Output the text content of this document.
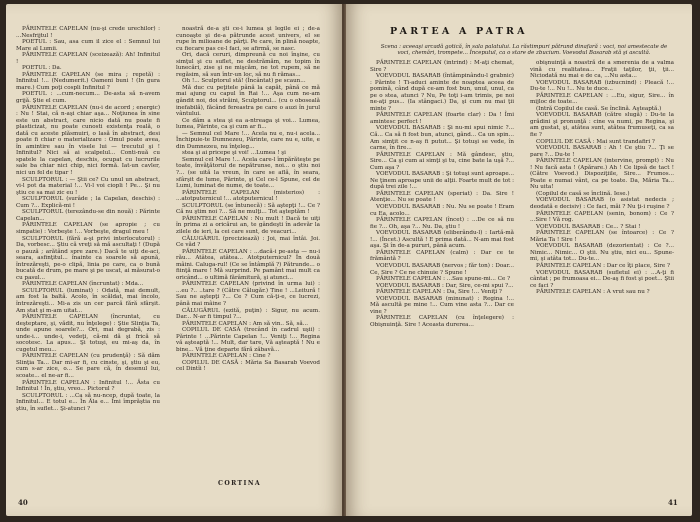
PĂRINTELE CAPELAN (nu-şi crede urechilor) : ...Nesfrijtul !

POETUL : Sau, asa cum il zice el : Semnul lui Mare al Lumii.

PĂRINTELE CAPELAN (sceizează): Ah! Infinitul !

POETUL : Da.

PĂRINTELE CAPELAN (se mira ; repetă) : Infinitul !... (Nedumerit.) Oameni buni ! (In gura mare.) Cum poţi cospli Infinitul ?

POETUL : ...cum-necum... De-asta să n-avem grijă. Ştie el cum.

PĂRINTELE CAPELAN (nu-i de acord ; energic) : Nu ! Stai, că n-aşi chiar aşa... Noţiunea în sine este un abstract, care nicio dată nu poate fi plasticizat, nu poate cunosti existenţa reală, o dată cu aceste plăsmuiri, o lasă în abstract, desi poate fi chiar o materializare : Omul poate avea, în amintire sau în visele lui — trecutul şi ! Infinitul? Nici să ai scalpelul... Conti-nuă cu spatele la capelan, deschis, ocupat cu lucrurile sale ba chiar nici chip, nici formă. Iat-un cavler, nici un fel de tipar !

SCULPTORUL : — Ştii ce? Cu unul un abstract, vi-l pot da material !... Vi-l voi ciopli ! Pe... Şi nu ştiu ce sa mai zic eu !

SCULPTORUL (surâde ; la Capelan, deschis) : Cum ?... Explică-mi !

SCULPTORUL (terezându-se din nouă) : Părinte Capelan...

PĂRINTELE CAPELAN (se apropie ; cu simpatie) : Vorbeşte !... Vorbeşte, dragul meu !

SCULPTORUL (fără a-şi privi interlocutorul) : Da, vorbesc... Ştiu că vreţi să mă ascultaţi ! (După o pauză ; arătând spre zare.) Dacă te uiţi de-aci, seara, asfinţitul... înainte ca soarele să apună, întrezăreşti, pe-o clipă, linia pe care, ca o bună bucată de drum, pe mare şi pe uscat, ai măsurat-o cu pasul...

PĂRINTELE CAPELAN (încruntat) : Mda...

SCULPTORUL (luminat) : Odată, mai demult, am fost la baltă. Acolo, în scăldat, mai încolo, întrezăreşti... Mi-a zis un cer parcă fără sfârşit. Am stat şi m-am uitat...

PĂRINTELE CAPELAN (încruntat, cu deşteptare, şi, vădit, nu înţelege) : Ştie Slinţia Ta, unde apune soarele?... Ori, mai degrabă, zis : unde-i... unde-i, vedeţi, că-mi dă şi frică să socotesc. La apus... Şi totuşi, eu mi-aş da, în cugetul meu...

PĂRINTELE CAPELAN (cu prudenţă) : Să dăm Slinţia Ta... Dar mi-ar fi, cu cinste, şi, ştiu şi eu, cum s-ar zice, o... Se pare că, în desenul lui, scoate... el ne-ar fi...

PĂRINTELE CAPELAN : Infinitul !... Ăsta cu Infinitul ! În, ştiu, vreo... Pictorul ?

SCULPTORUL : ...Ca să nu-ncep, după toate, la Infinitul... E totul e... În Ăla e... Îmi împrăştia nu ştiu, în suflet... Şi-atunci ?

noastră de-a şti ce-i lumea şi legile ei ; de-a cunoaşte şi de-a pătrunde acest univers, el se rupe în milioane de părţi. Pe care, în plină noapte, cu fiecare pas ce-l faci, se afirmă, se nasc.

Ori, dacă ceruri, dimpreună cu noi înşine, cu simţul şi cu suflet, ne destrămăm, ne topim în lunecări, zise şi ne mişcăm, ne tot rupem, să ne regăsim, să sun într-un loc, să nu fi rămas...

Oh !... Sculptorul stă! (Încântat) pe scaun...

Mă duc cu peţitele până la capăt, până ce mă mai ajung cu capul în Rai !... Aşa cum ne-am gândit noi, doi străini, Sculptorul... (cu o oboseală inefabilă), făcând fereastra pe care o auzi în jurul vântului.

Ce dăm a stea şi ea a-ntreaga şi voi... Lumea, lumea, Părinte, ca şi cum ar fi...

— Semnul cel Mare !... Acela nu e, nu-i acela... Închipuie-te Dumnezeu, Părinte, care nu e, uite, e din Dumnezeu, nu înţeleg...

stea şi ai pricepe şi voi! ...Lumea ! şi

Semnul cel Mare !... Acela care-l împărăteşte pe toate, învăţătorul de nepătrunse, noi... o ştiu noi ?... (se uită la vreun, în care se află, în seara, sfârşit de lume, Părinte, şi Cel ce-l Spune, cel de Lumi, luminat de nume, de toate...

PĂRINTELE CAPELAN (misterios) : ...atotputernicul !... atotputernicul !

SCULPTORUL (se întunecă) : Să aştepţi !... Ce ? Că nu ştim noi ?... Să ne mulţi... Tot aşteptăm !

PĂRINTELE CAPELAN : Nu mult ! Dacă te uiţi în prima zi a oricărui an, te gândeşti în adevăr la zilele de ieri, la cei care sunt, de veacuri...

CĂLUGĂRUL (preciziează) : Joi, mai întâi. Joi. Ce văd ?

PĂRINTELE CAPELAN : ...dacă-i pe-asta — nu-i rău... Atâtea, atâtea... Atotputernicul? În două mâini. Caluga-rul! (Ce se întâmplă ?) Pătrunde... o fiinţă mare ! Mă surprind. Pe pamânt mai mult ca oricând... o ultimă fărâmitură, şi atunci...

PĂRINTELE CAPELAN (privind în urma lui) : ...eu ?.. ..tare ? (Către Călugăr.) Tine ! ...Leitură ! Sau ne aştepţi ?... Ce ? Cum că-ţi-e, ce lucrezi, până mai mâine ?

CĂLUGĂRUL (ezită, puţin) : Sigur, nu acum. Dar... N-ar fi timpul ?...

PĂRINTELE CAPELAN : Am să vin.. Să, să...

COPILUL DE CASĂ (trecând în cadrul uşii) : Părinte ! ...Părinte Capelan !... Veniţi !... Regina vă aşteaptă !... Mult, dar tare, Vă aşteaptă ! Nu e bine... Vă ţine departe fără zăbavă...

PĂRINTELE CAPELAN : Cine ?

COPILUL DE CASĂ : Măria Sa Basarab Voevod cel Dintîi !

CORTINA
40
PARTEA A PATRA
Scena : aceeaşi arcadă gotică, în sala palatului. La răstimpuri pătrund dinafară : voci, noi amestecate de voci, chemări, trompete... Începutul, ca o stare de zbucium. Voevodul Basarab stă şi ascultă.

PĂRINTELE CAPELAN (intrind) : M-aţi chemat, Sire ?

VOEVODUL BASARAB (întâmpinându-l grabnic) : Părinte ! Ti-aduci aminte de noaptea aceea de pomină, când după ce-am fost bun, unul, unul, ca pe o stea, atunci ? Nu, Pe toţi i-am trimis, pe noi ne-aţi pus... (Ia stângaci.) Da, şi cum nu mai ţii minte ?

PĂRINTELE CAPELAN (foarte clar) : Da ! Îmi amintesc perfect !

VOEVODUL BASARAB : Şi nu-mi spui nimic ?... Că... Ca să fi fost bun, atunci, gând... Ca un spin... Am simţit ce n-aş fi putut... Şi totuşi se vede, în carne, în fire...

PĂRINTELE CAPELAN : Mă gândesc, ştiu, Sire... Ca şi cum ai simţi şi tu, cine bate la uşă ?... Cum aşa ?

VOEVODUL BASARAB : Şi totuşi sunt aproape... Ne ţinem aproape unii de alţii. Foarte mult de tot : după trei zile !...

PĂRINTELE CAPELAN (speriat) : Da. Sire ! Atenţie... Nu se poate !

VOEVODUL BASARAB : Nu. Nu se poate ! Eram cu Ea, acolo...

PĂRINTELE CAPELAN (încet) : ...De ce să nu fie ?... Oh, aşa ?... Nu. Da, ştiu !

VOEVODUL BASARAB (eliberându-l) : Iartă-mă !... (Încet.) Ascultă ! E prima dată... N-am mai fost aşa. Şi în de-a pururi, până acum.

PĂRINTELE CAPELAN (calm) : Dar ce te frământă ?

VOEVODUL BASARAB (nervos ; făr ton) : Doar... Ce, Sire ? Ce ne chinuie ? Spune !

PĂRINTELE CAPELAN : ...Sau spune-mi... Ce ?

VOEVODUL BASARAB : Dar, Sire, ce-mi spui ?...

PĂRINTELE CAPELAN : Da, Sire !... Veniţi ?

VOEVODUL BASARAB (minunat) : Regina !... Mă ascultă pe mine !... Cum vine asta ?... Dar ce vine ?

PĂRINTELE CAPELAN (cu înţelegere) : Obişnuinţă. Sire ! Aceasta durerea...

obişnuinţă a noastră de a smerenia de a valma vină cu realitatea... Fraţii taţilor, ţii, ţii... Niciodată nu mai e de ca, ...Nu asta...

VOEVODUL BASARAB (izbucnind) : Pleacă !... Du-te !... Nu !... Nu te duce...

PĂRINTELE CAPELAN : ...Eu, sigur, Sire... în mijloc de toate...

(Intră Copilul de casă. Se înclină. Aşteaptă.)

VOEVODUL BASARAB (către slugă) : Du-te la grădini şi pronunţă : cine va numi, pe Regina, şi am gustat, şi, atâtea sunt, atâtea frumuseţi, ca sa fie ?

COPILUL DE CASĂ : Mai sunt trandafiri ?

VOEVODUL BASARAB : Ah ! Ce ştiu ?... Ţi se pare ?... Du-te !

PĂRINTELE CAPELAN (intervine, prompt) : Nu ! Nu facă asta ! (Apărare.) Ah ! Ce lipsă de tact ! (Către Voevod.) Dispoziţiile, Sire... Frumos... Poate e numai vânt, ca pe toate. Da, Măria Ta... Nu uita!

(Copilul de casă se înclină. Iese.)

VOEVODUL BASARAB (o asistat nedecis ; deodată e decisiv) : Ce faci, măi ? Nu ţi-i ruşine ?

PĂRINTELE CAPELAN (senin, bonom) : Ce ? ...Sire ! Vă rog.

VOEVODUL BASARAB : Ce... ? Stai !

PĂRINTELE CAPELAN (se întoarce) : Ce ? Măria Ta ! Sire !

VOEVODUL BASARAB (dezorientat) : Ce ?... Nimic... Nimic... O ştii. Nu ştiu, nici eu... Spune-mi, şi atâta tot... Du-te...

PĂRINTELE CAPELAN : Dar ce îţi place, Sire ?

VOEVODUL BASARAB (sufletul ei) : ...A-ţi fi cântat ; pe frumoasa ei... De-aş fi fost şi poet... Ştii ce faci ?

PĂRINTELE CAPELAN : A vrut sau nu ?

41
